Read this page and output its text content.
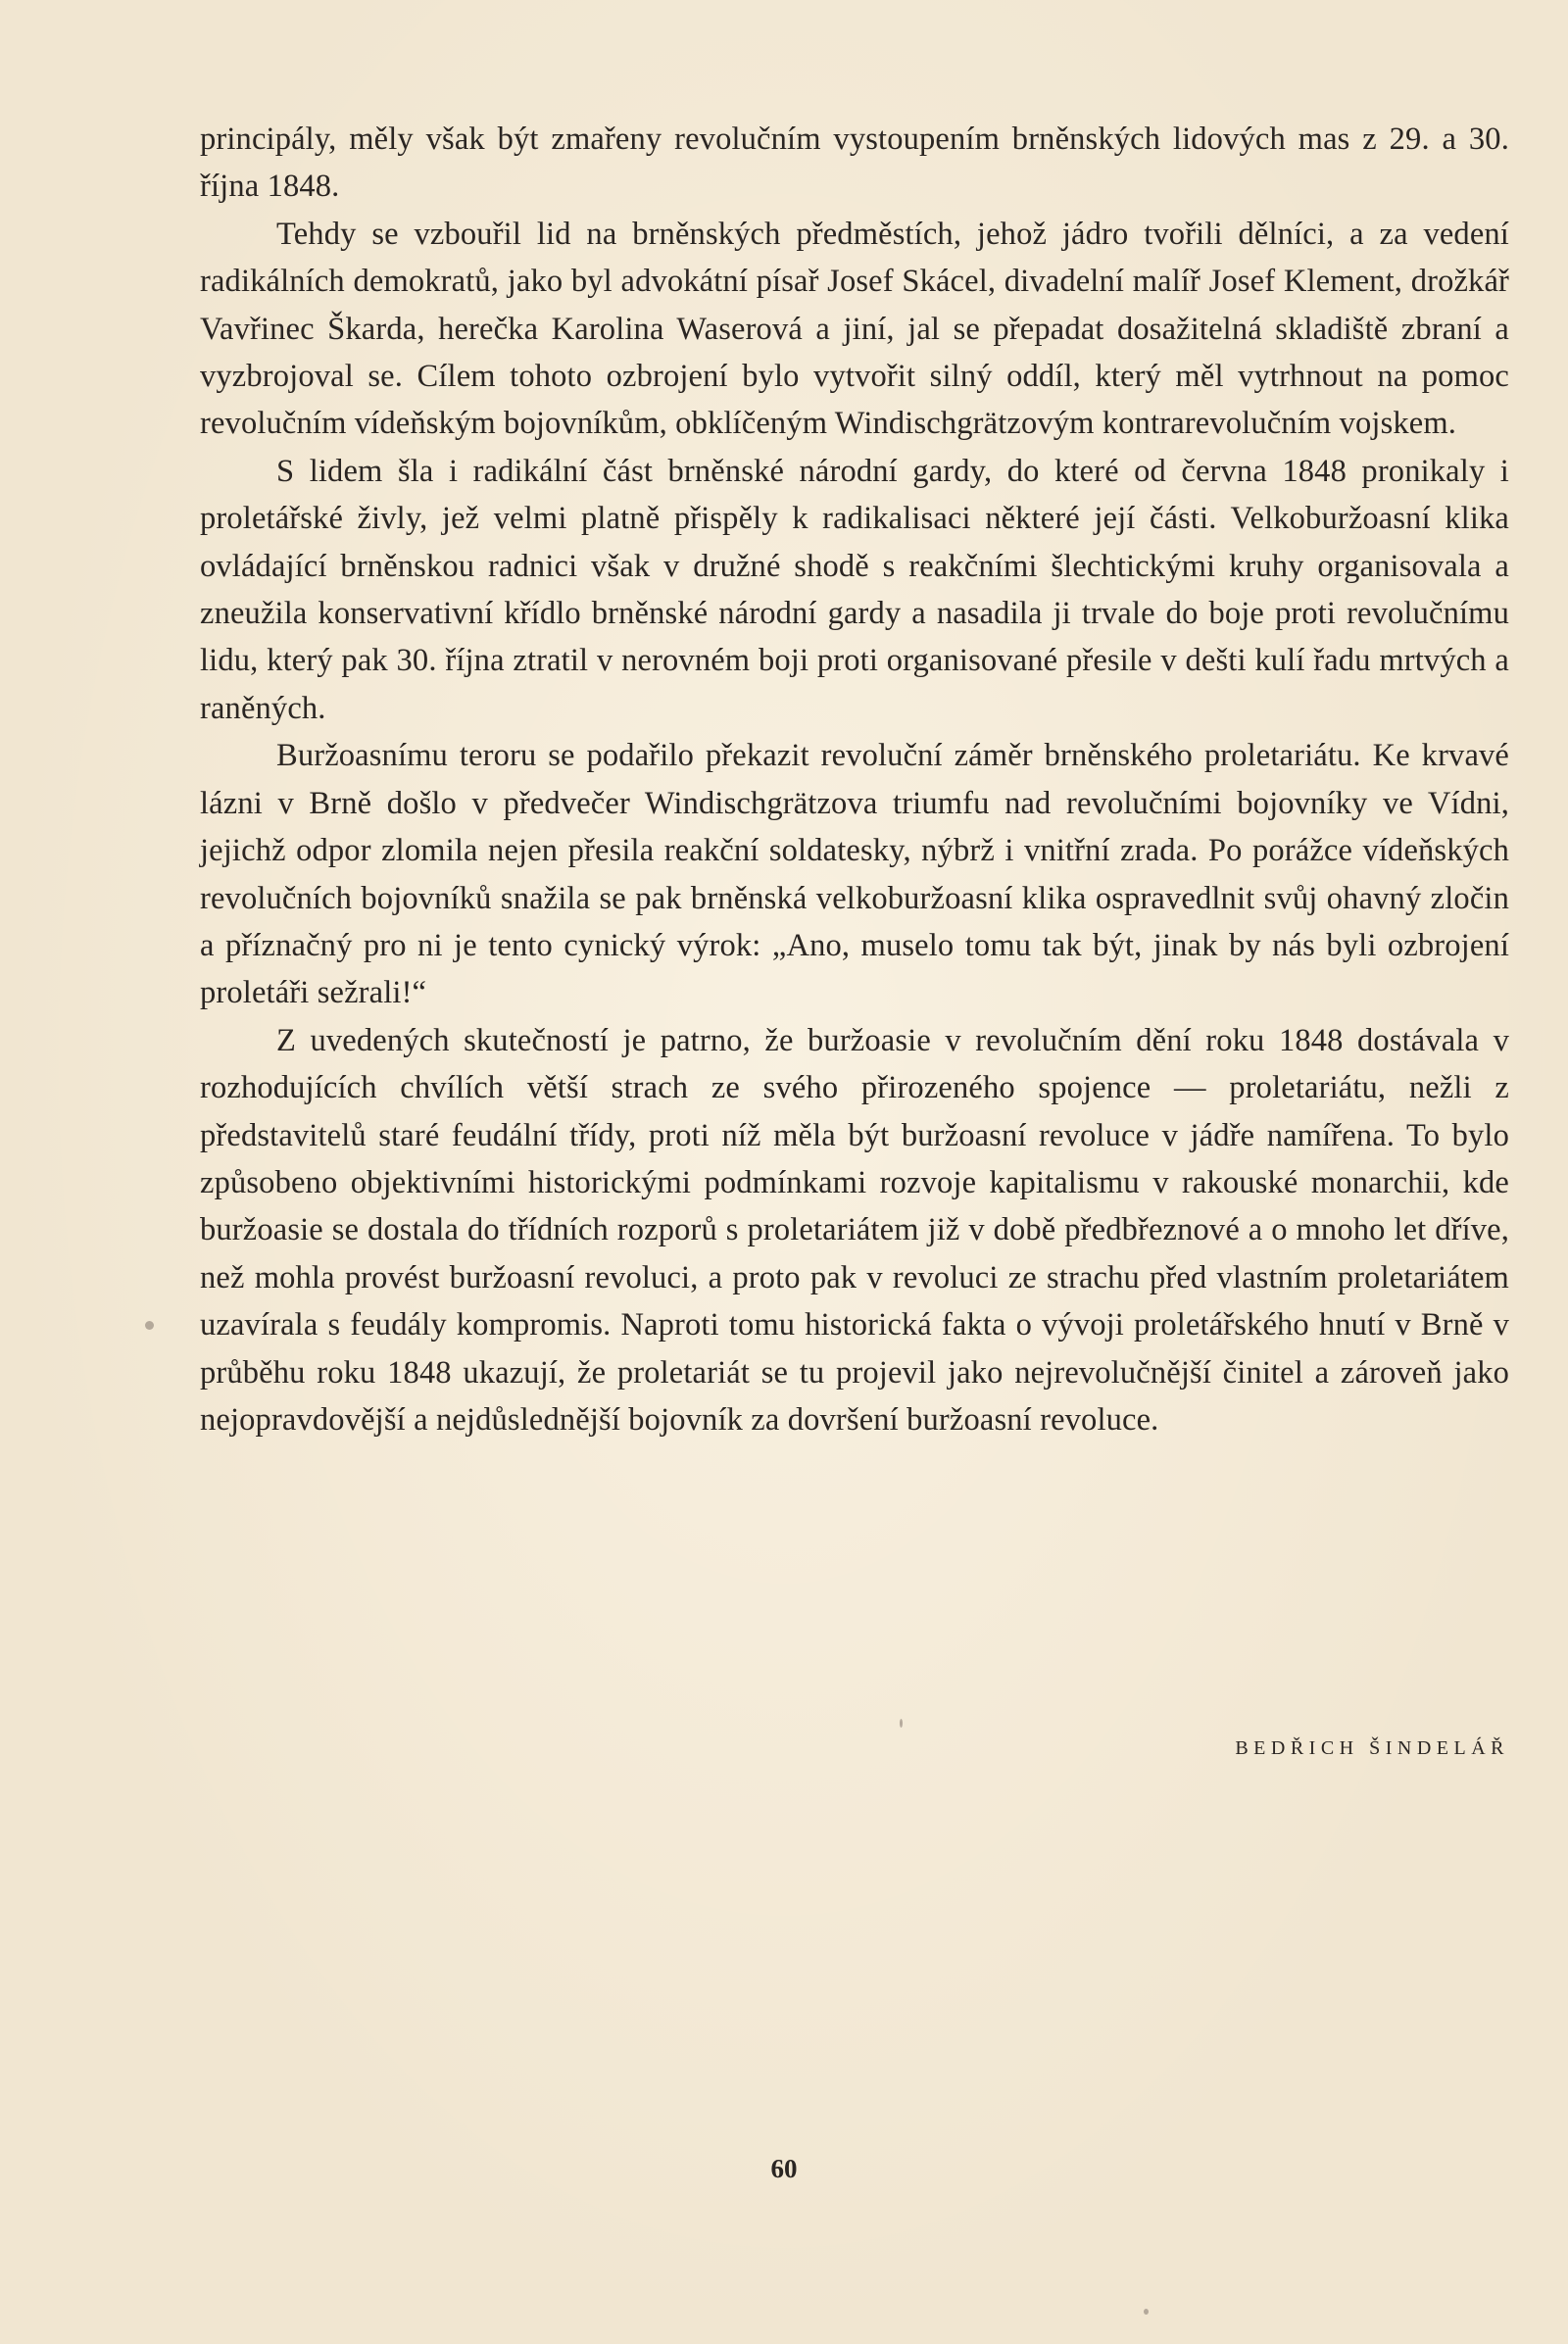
principály, měly však být zmařeny revolučním vystoupením brněnských lidových mas z 29. a 30. října 1848.

Tehdy se vzbouřil lid na brněnských předměstích, jehož jádro tvořili dělníci, a za vedení radikálních demokratů, jako byl advokátní písař Josef Skácel, divadelní malíř Josef Klement, drožkář Vavřinec Škarda, herečka Karolina Waserová a jiní, jal se přepadat dosažitelná skladiště zbraní a vyzbrojoval se. Cílem tohoto ozbrojení bylo vytvořit silný oddíl, který měl vytrhnout na pomoc revolučním vídeňským bojovníkům, obklíčeným Windischgrätzovým kontrarevolučním vojskem.

S lidem šla i radikální část brněnské národní gardy, do které od června 1848 pronikaly i proletářské živly, jež velmi platně přispěly k radikalisaci některé její části. Velkoburžoasní klika ovládající brněnskou radnici však v družné shodě s reakčními šlechtickými kruhy organisovala a zneužila konservativní křídlo brněnské národní gardy a nasadila ji trvale do boje proti revolučnímu lidu, který pak 30. října ztratil v nerovném boji proti organisované přesile v dešti kulí řadu mrtvých a raněných.

Buržoasnímu teroru se podařilo překazit revoluční záměr brněnského proletariátu. Ke krvavé lázni v Brně došlo v předvečer Windischgrätzova triumfu nad revolučními bojovníky ve Vídni, jejichž odpor zlomila nejen přesila reakční soldatesky, nýbrž i vnitřní zrada. Po porážce vídeňských revolučních bojovníků snažila se pak brněnská velkoburžoasní klika ospravedlnit svůj ohavný zločin a příznačný pro ni je tento cynický výrok: „Ano, muselo tomu tak být, jinak by nás byli ozbrojení proletáři sežrali!“

Z uvedených skutečností je patrno, že buržoasie v revolučním dění roku 1848 dostávala v rozhodujících chvílích větší strach ze svého přirozeného spojence — proletariátu, nežli z představitelů staré feudální třídy, proti níž měla být buržoasní revoluce v jádře namířena. To bylo způsobeno objektivními historickými podmínkami rozvoje kapitalismu v rakouské monarchii, kde buržoasie se dostala do třídních rozporů s proletariátem již v době předbřeznové a o mnoho let dříve, než mohla provést buržoasní revoluci, a proto pak v revoluci ze strachu před vlastním proletariátem uzavírala s feudály kompromis. Naproti tomu historická fakta o vývoji proletářského hnutí v Brně v průběhu roku 1848 ukazují, že proletariát se tu projevil jako nejrevolučnější činitel a zároveň jako nejopravdovější a nejdůslednější bojovník za dovršení buržoasní revoluce.

BEDŘICH ŠINDELÁŘ
60
